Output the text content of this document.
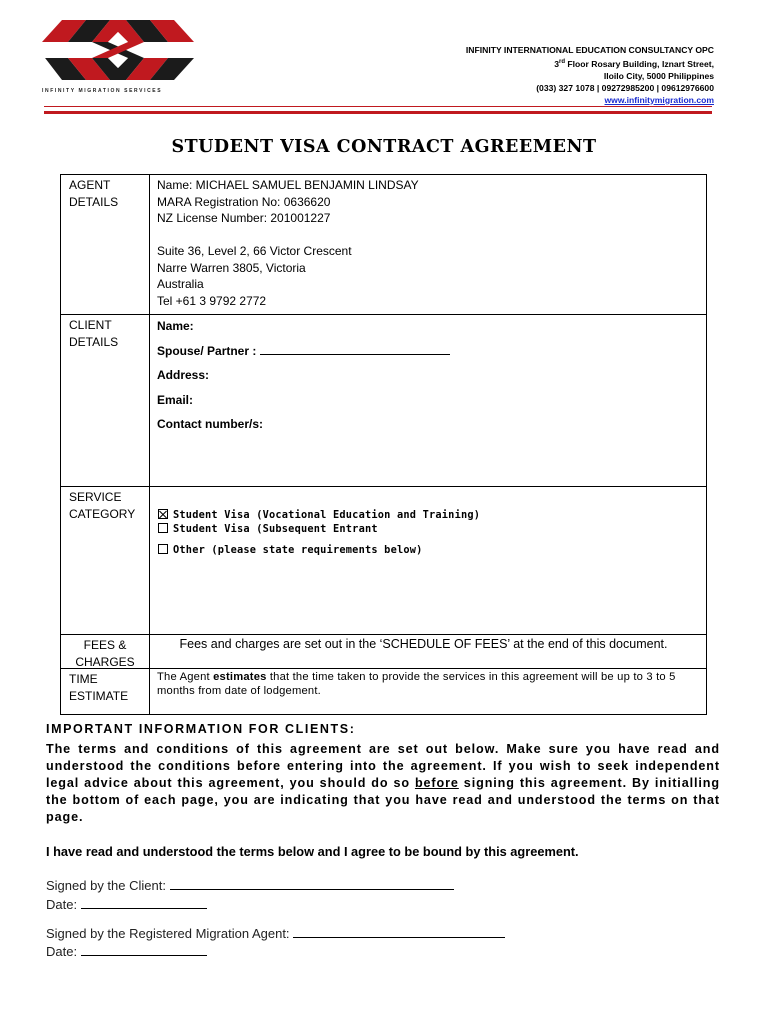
INFINITY MIGRATION SERVICES
INFINITY INTERNATIONAL EDUCATION CONSULTANCY OPC
3rd Floor Rosary Building, Iznart Street,
Iloilo City, 5000 Philippines
(033) 327 1078 | 09272985200 | 09612976600
www.infinitymigration.com
STUDENT VISA CONTRACT AGREEMENT
AGENT
DETAILS
Name: MICHAEL SAMUEL BENJAMIN LINDSAY
MARA Registration No: 0636620
NZ License Number: 201001227
Suite 36, Level 2, 66 Victor Crescent
Narre Warren 3805, Victoria
Australia
Tel +61 3 9792 2772
CLIENT
DETAILS
Name:
Spouse/ Partner :
Address:
Email:
Contact number/s:
SERVICE
CATEGORY	Student Visa (Vocational Education and Training)
Student Visa (Subsequent Entrant
Other (please state requirements below)
FEES &
CHARGES
Fees and charges are set out in the ‘SCHEDULE OF FEES’ at the end of this document.
TIME
ESTIMATE
The Agent estimates that the time taken to provide the services in this agreement will be up to 3 to 5 months from date of lodgement.
IMPORTANT INFORMATION FOR CLIENTS:
The terms and conditions of this agreement are set out below. Make sure you have read and understood the conditions before entering into the agreement. If you wish to seek independent legal advice about this agreement, you should do so before signing this agreement. By initialling the bottom of each page, you are indicating that you have read and understood the terms on that page.
I have read and understood the terms below and I agree to be bound by this agreement.
Signed by the Client:
Date:
Signed by the Registered Migration Agent:
Date:
